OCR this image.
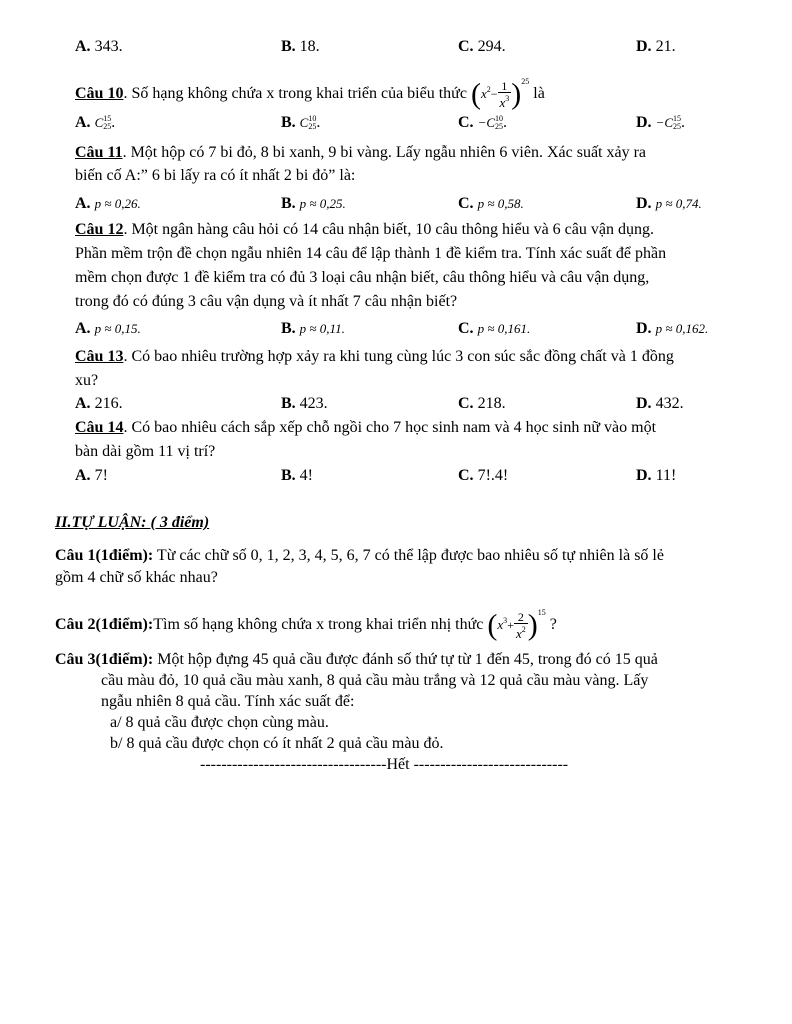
A. 343.	B. 18.	C. 294.	D. 21.
Câu 10. Số hạng không chứa x trong khai triển của biểu thức $(x^2- \frac{1}{x^3} )^{25}$ là
A. C 15
25 .	B. C 10
25 .	C. −C 10
25 .	D. −C 15
25 .
Câu 11. Một hộp có 7 bi đỏ, 8 bi xanh, 9 bi vàng. Lấy ngẫu nhiên 6 viên. Xác suất xảy ra
biến cố A:” 6 bi lấy ra có ít nhất 2 bi đỏ” là:
A. p ≈ 0,26.	B. p ≈ 0,25.	C. p ≈ 0,58.	D. p ≈ 0,74.
Câu 12. Một ngân hàng câu hỏi có 14 câu nhận biết, 10 câu thông hiểu và 6 câu vận dụng.
Phần mềm trộn đề chọn ngẫu nhiên 14 câu để lập thành 1 đề kiểm tra. Tính xác suất để phần
mềm chọn được 1 đề kiểm tra có đủ 3 loại câu nhận biết, câu thông hiểu và câu vận dụng,
trong đó có đúng 3 câu vận dụng và ít nhất 7 câu nhận biết?
A. p ≈ 0,15.	B. p ≈ 0,11.	C. p ≈ 0,161.	D. p ≈ 0,162.
Câu 13. Có bao nhiêu trường hợp xảy ra khi tung cùng lúc 3 con súc sắc đồng chất và 1 đồng
xu?
A. 216.	B. 423.	C. 218.	D. 432.
Câu 14. Có bao nhiêu cách sắp xếp chỗ ngồi cho 7 học sinh nam và 4 học sinh nữ vào một
bàn dài gồm 11 vị trí?
A. 7!	B. 4!	C. 7!.4!	D. 11!
II.TỰ LUẬN: ( 3 điểm)
Câu 1(1điểm): Từ các chữ số 0, 1, 2, 3, 4, 5, 6, 7 có thể lập được bao nhiêu số tự nhiên là số lẻ
gồm 4 chữ số khác nhau?
Câu 2(1điểm):Tìm số hạng không chứa x trong khai triển nhị thức $(x^3+ \frac{2}{x^2} )^{15}$ ?
Câu 3(1điểm): Một hộp đựng 45 quả cầu được đánh số thứ tự từ 1 đến 45, trong đó có 15 quả
cầu màu đỏ, 10 quả cầu màu xanh, 8 quả cầu màu trắng và 12 quả cầu màu vàng. Lấy
ngẫu nhiên 8 quả cầu. Tính xác suất để:
a/ 8 quả cầu được chọn cùng màu.
b/ 8 quả cầu được chọn có ít nhất 2 quả cầu màu đỏ.
-----------------------------------Hết -----------------------------
